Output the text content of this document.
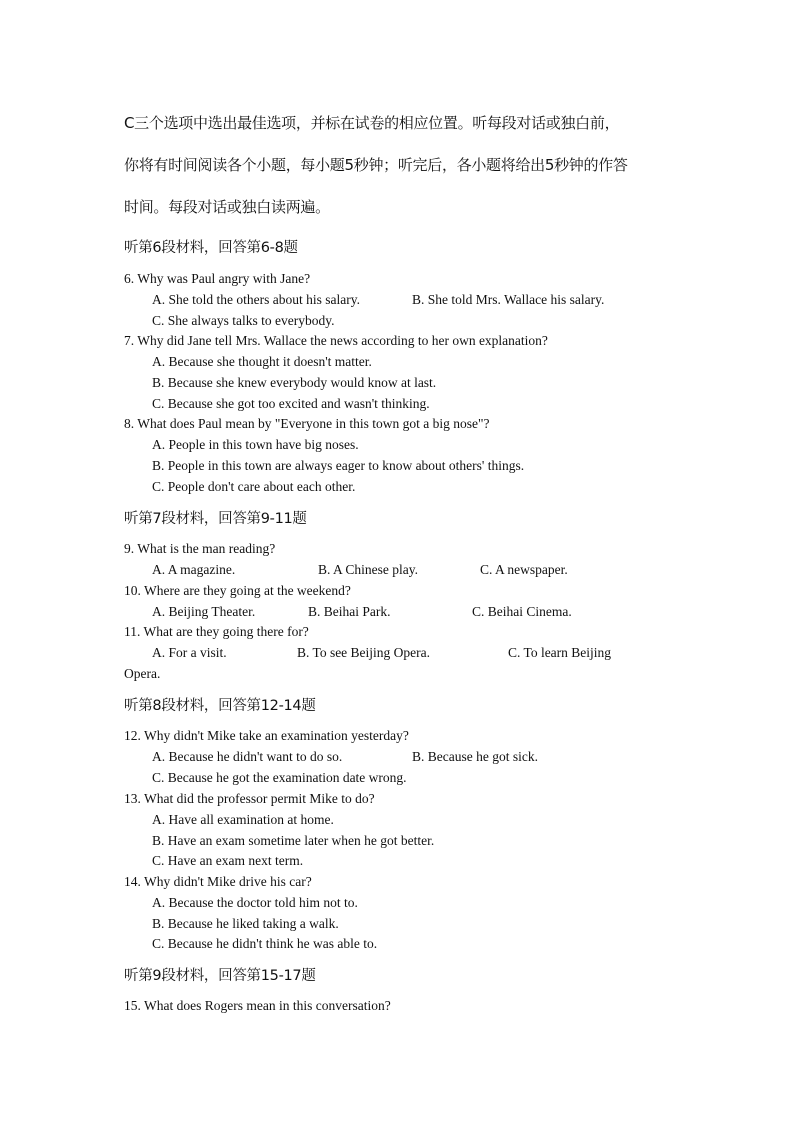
C三个选项中选出最佳选项，并标在试卷的相应位置。听每段对话或独白前，
你将有时间阅读各个小题，每小题5秒钟；听完后，各小题将给出5秒钟的作答
时间。每段对话或独白读两遍。
听第6段材料，回答第6-8题
6. Why was Paul angry with Jane?
A. She told the others about his salary.	B. She told Mrs. Wallace his salary.
C. She always talks to everybody.
7. Why did Jane tell Mrs. Wallace the news according to her own explanation?
A. Because she thought it doesn't matter.
B. Because she knew everybody would know at last.
C. Because she got too excited and wasn't thinking.
8. What does Paul mean by "Everyone in this town got a big nose"?
A. People in this town have big noses.
B. People in this town are always eager to know about others' things.
C. People don't care about each other.
听第7段材料，回答第9-11题
9. What is the man reading?
A. A magazine.	B. A Chinese play.	C. A newspaper.
10. Where are they going at the weekend?
A. Beijing Theater.	B. Beihai Park.	C. Beihai Cinema.
11. What are they going there for?
A. For a visit.	B. To see Beijing Opera.	C. To learn Beijing
Opera.
听第8段材料，回答第12-14题
12. Why didn't Mike take an examination yesterday?
A. Because he didn't want to do so.	B. Because he got sick.
C. Because he got the examination date wrong.
13. What did the professor permit Mike to do?
A. Have all examination at home.
B. Have an exam sometime later when he got better.
C. Have an exam next term.
14. Why didn't Mike drive his car?
A. Because the doctor told him not to.
B. Because he liked taking a walk.
C. Because he didn't think he was able to.
听第9段材料，回答第15-17题
15. What does Rogers mean in this conversation?
